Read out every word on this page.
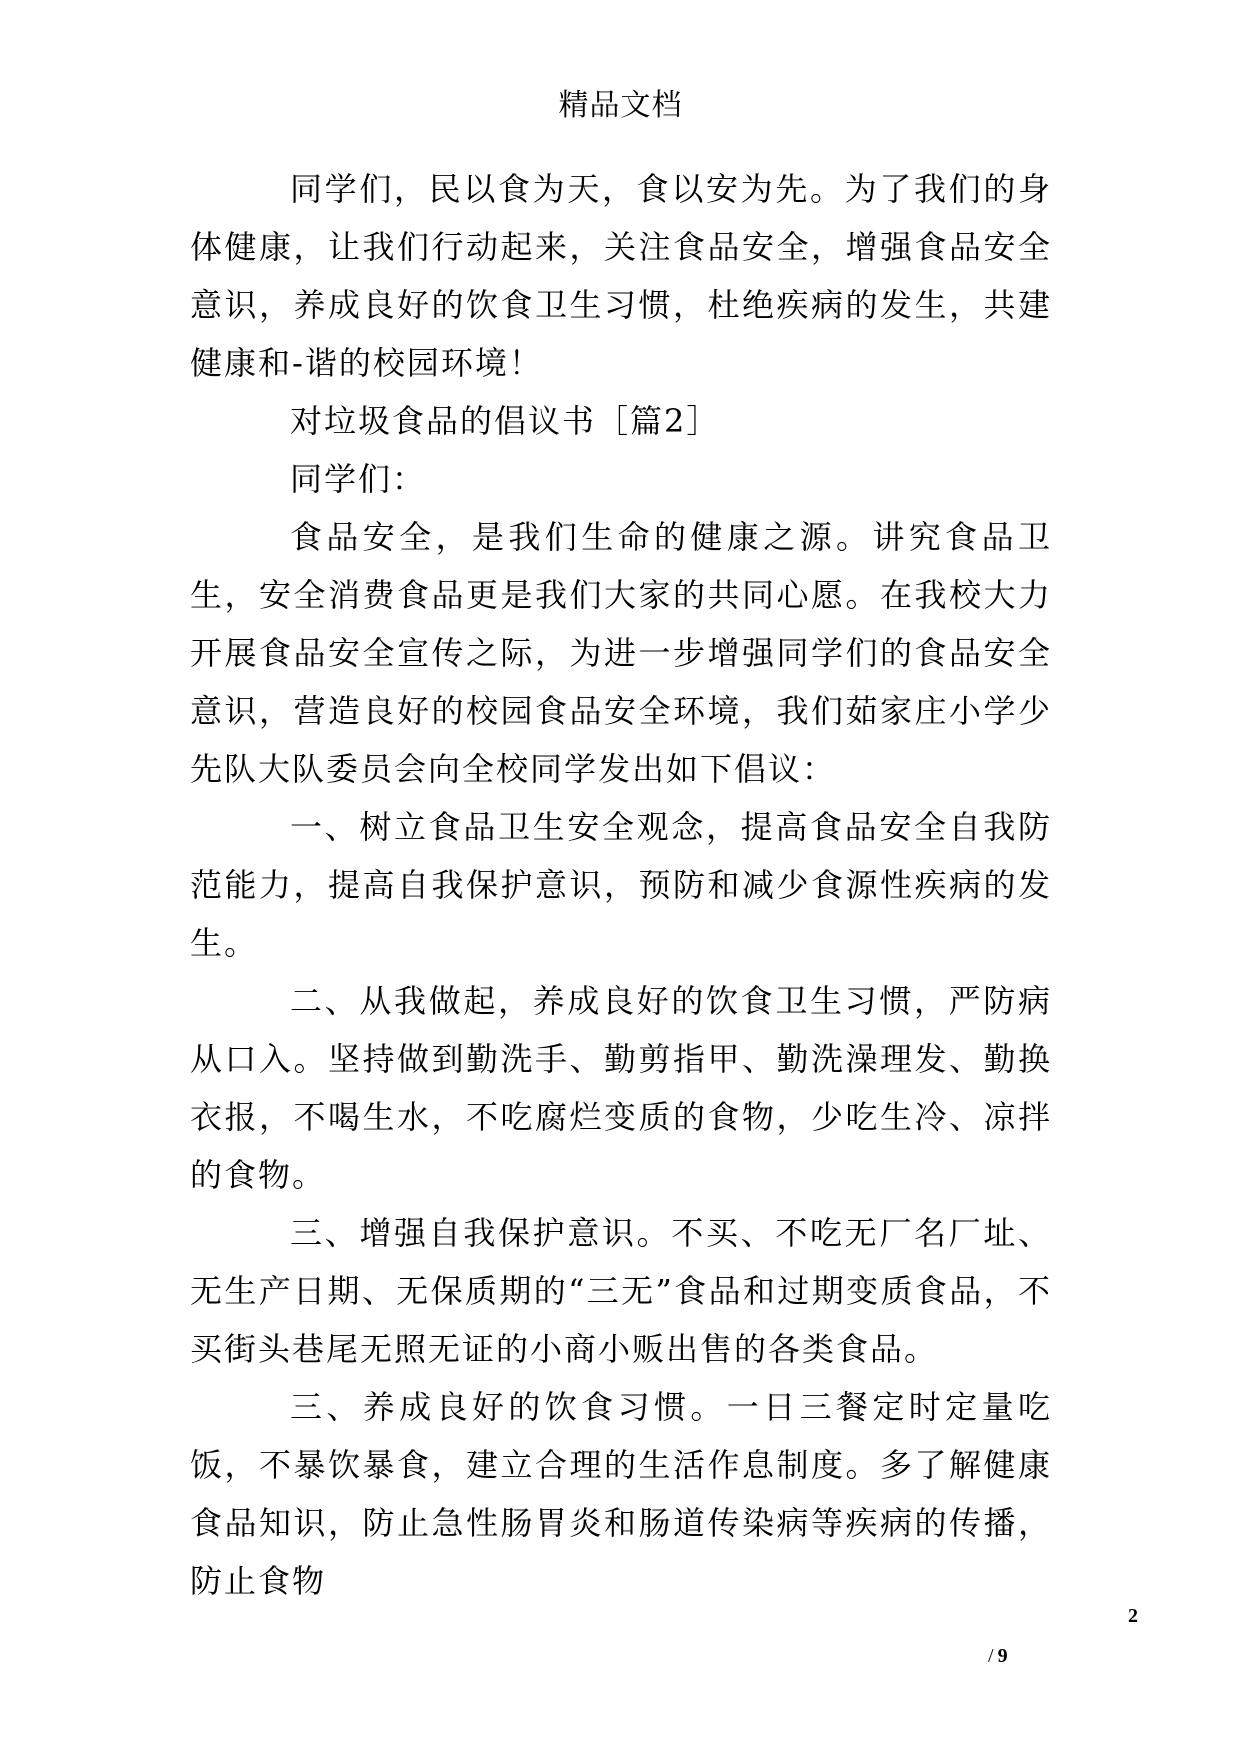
精品文档

同学们，民以食为天，食以安为先。为了我们的身体健康，让我们行动起来，关注食品安全，增强食品安全意识，养成良好的饮食卫生习惯，杜绝疾病的发生，共建健康和-谐的校园环境！

对垃圾食品的倡议书［篇2］

同学们：

食品安全，是我们生命的健康之源。讲究食品卫生，安全消费食品更是我们大家的共同心愿。在我校大力开展食品安全宣传之际，为进一步增强同学们的食品安全意识，营造良好的校园食品安全环境，我们茹家庄小学少先队大队委员会向全校同学发出如下倡议：

一、树立食品卫生安全观念，提高食品安全自我防范能力，提高自我保护意识，预防和减少食源性疾病的发生。

二、从我做起，养成良好的饮食卫生习惯，严防病从口入。坚持做到勤洗手、勤剪指甲、勤洗澡理发、勤换衣报，不喝生水，不吃腐烂变质的食物，少吃生冷、凉拌的食物。

三、增强自我保护意识。不买、不吃无厂名厂址、无生产日期、无保质期的“三无”食品和过期变质食品，不买街头巷尾无照无证的小商小贩出售的各类食品。

三、养成良好的饮食习惯。一日三餐定时定量吃饭，不暴饮暴食，建立合理的生活作息制度。多了解健康食品知识，防止急性肠胃炎和肠道传染病等疾病的传播，防止食物

2
/ 9
